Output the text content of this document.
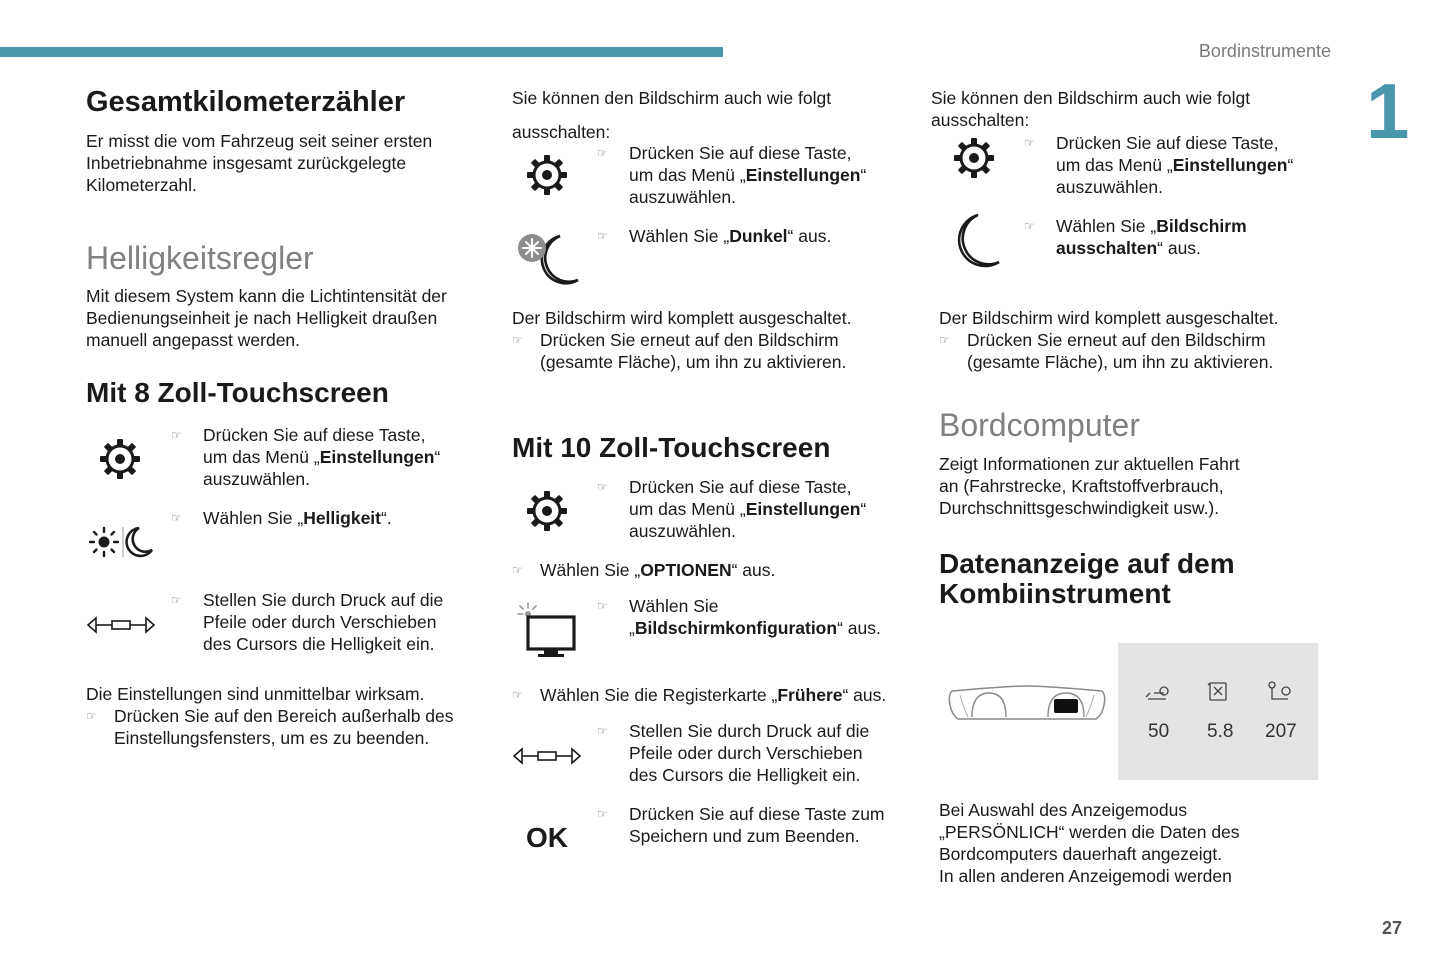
Bordinstrumente
1
27
Gesamtkilometerzähler
Er misst die vom Fahrzeug seit seiner ersten
Inbetriebnahme insgesamt zurückgelegte
Kilometerzahl.
Helligkeitsregler
Mit diesem System kann die Lichtintensität der
Bedienungseinheit je nach Helligkeit draußen
manuell angepasst werden.
Mit 8 Zoll-Touchscreen
☞ Drücken Sie auf diese Taste,
um das Menü „Einstellungen“
auszuwählen.
☞ Wählen Sie „Helligkeit“.
☞ Stellen Sie durch Druck auf die
Pfeile oder durch Verschieben
des Cursors die Helligkeit ein.
Die Einstellungen sind unmittelbar wirksam.
☞ Drücken Sie auf den Bereich außerhalb des
Einstellungsfensters, um es zu beenden.
Sie können den Bildschirm auch wie folgt
ausschalten:
☞ Drücken Sie auf diese Taste,
um das Menü „Einstellungen“
auszuwählen.
☞ Wählen Sie „Dunkel“ aus.
Der Bildschirm wird komplett ausgeschaltet.
☞ Drücken Sie erneut auf den Bildschirm
(gesamte Fläche), um ihn zu aktivieren.
Mit 10 Zoll-Touchscreen
☞ Drücken Sie auf diese Taste,
um das Menü „Einstellungen“
auszuwählen.
☞ Wählen Sie „OPTIONEN“ aus.
☞ Wählen Sie
„Bildschirmkonfiguration“ aus.
☞ Wählen Sie die Registerkarte „Frühere“ aus.
☞ Stellen Sie durch Druck auf die
Pfeile oder durch Verschieben
des Cursors die Helligkeit ein.
OK
☞ Drücken Sie auf diese Taste zum
Speichern und zum Beenden.
Sie können den Bildschirm auch wie folgt
ausschalten:
☞ Drücken Sie auf diese Taste,
um das Menü „Einstellungen“
auszuwählen.
☞ Wählen Sie „Bildschirm
ausschalten“ aus.
Der Bildschirm wird komplett ausgeschaltet.
☞ Drücken Sie erneut auf den Bildschirm
(gesamte Fläche), um ihn zu aktivieren.
Bordcomputer
Zeigt Informationen zur aktuellen Fahrt
an (Fahrstrecke, Kraftstoffverbrauch,
Durchschnittsgeschwindigkeit usw.).
Datenanzeige auf dem
Kombiinstrument
50 5.8 207
Bei Auswahl des Anzeigemodus
„PERSÖNLICH“ werden die Daten des
Bordcomputers dauerhaft angezeigt.
In allen anderen Anzeigemodi werden
